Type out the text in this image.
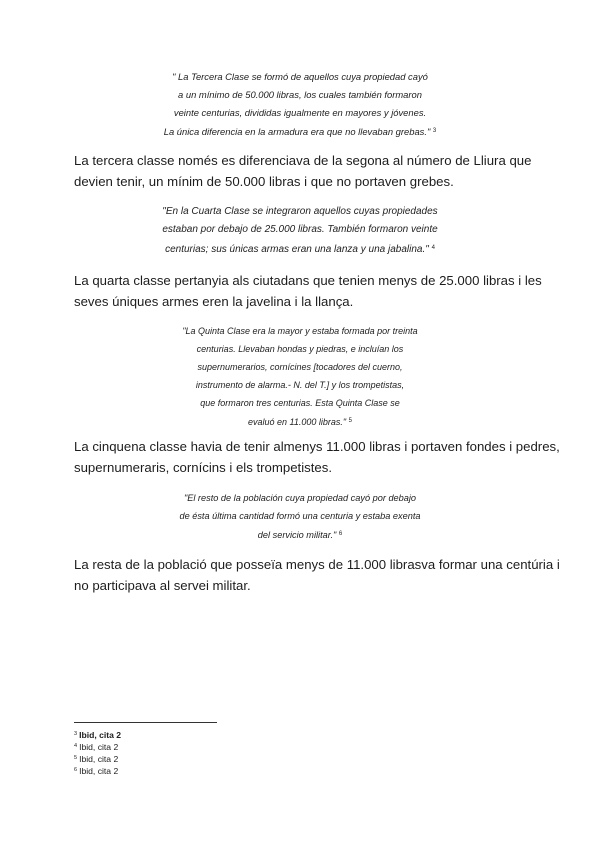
" La Tercera Clase se formó de aquellos cuya propiedad cayó
a un mínimo de 50.000 libras, los cuales también formaron
veinte centurias, divididas igualmente en mayores y jóvenes.
La única diferencia en la armadura era que no llevaban grebas." $^3$
La tercera classe només es diferenciava de la segona al número de Lliura que
devien tenir, un mínim de 50.000 libras i que no portaven grebes.
"En la Cuarta Clase se integraron aquellos cuyas propiedades
estaban por debajo de 25.000 libras. También formaron veinte
centurias; sus únicas armas eran una lanza y una jabalina." $^4$
La quarta classe pertanyia als ciutadans que tenien menys de 25.000 libras i les
seves úniques armes eren la javelina i la llança.
"La Quinta Clase era la mayor y estaba formada por treinta
centurias. Llevaban hondas y piedras, e incluían los
supernumerarios, cornícines [tocadores del cuerno,
instrumento de alarma.- N. del T.] y los trompetistas,
que formaron tres centurias. Esta Quinta Clase se
evaluó en 11.000 libras." $^5$
La cinquena classe havia de tenir almenys 11.000 libras i portaven fondes i pedres,
supernumeraris, cornícins i els trompetistes.
"El resto de la población cuya propiedad cayó por debajo
de ésta última cantidad formó una centuria y estaba exenta
del servicio militar." $^6$
La resta de la població que posseïa menys de 11.000 librasva formar una centúria i
no participava al servei militar.
$^3$ Ibid, cita 2
$^4$ Ibid, cita 2
$^5$ Ibid, cita 2
$^6$ Ibid, cita 2
